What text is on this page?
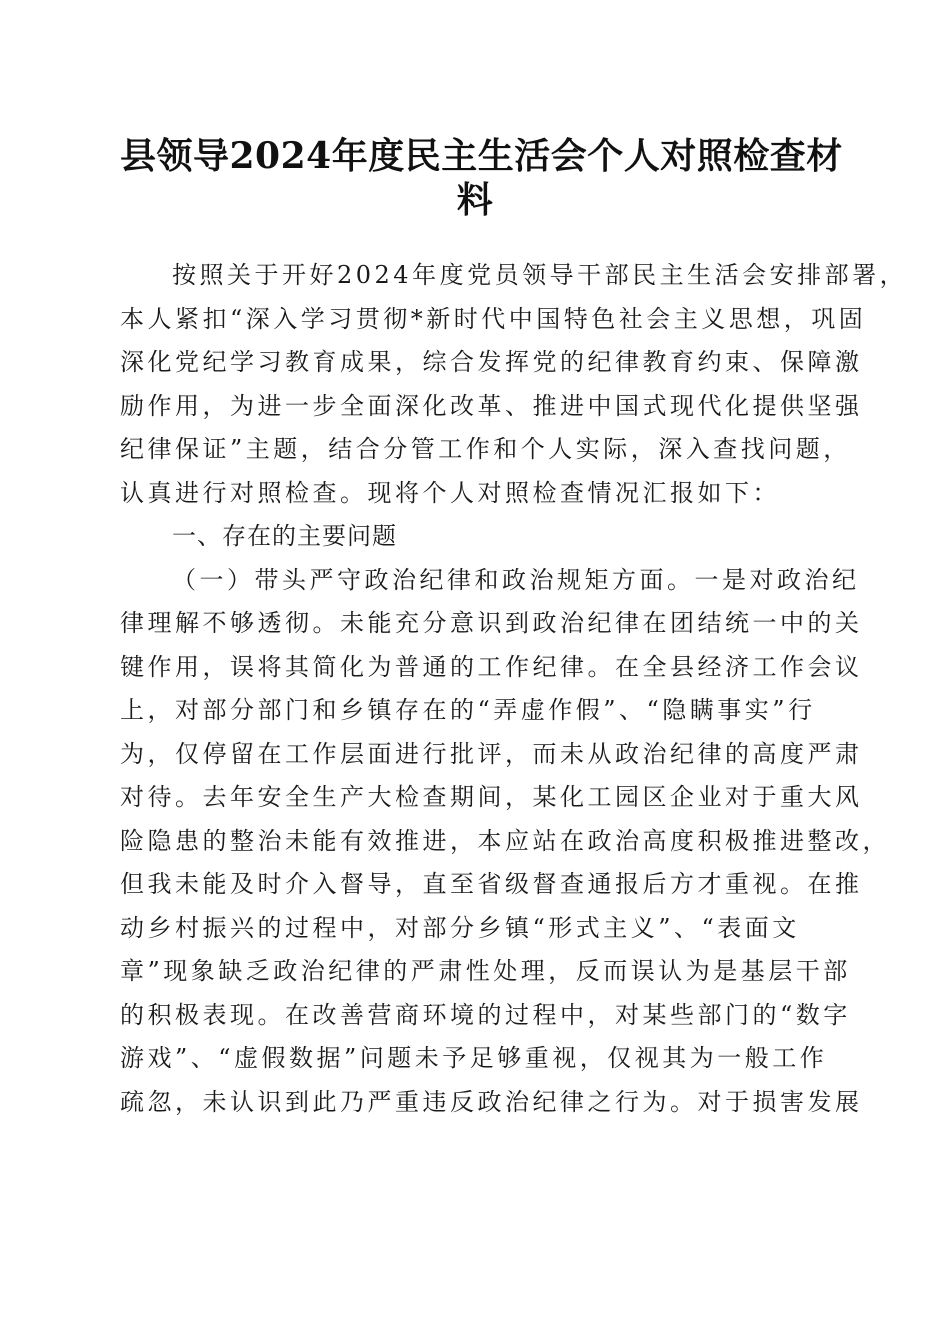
县领导2024年度民主生活会个人对照检查材
料
按照关于开好2024年度党员领导干部民主生活会安排部署，
本人紧扣“深入学习贯彻*新时代中国特色社会主义思想，巩固
深化党纪学习教育成果，综合发挥党的纪律教育约束、保障激
励作用，为进一步全面深化改革、推进中国式现代化提供坚强
纪律保证”主题，结合分管工作和个人实际，深入查找问题，
认真进行对照检查。现将个人对照检查情况汇报如下：
一、存在的主要问题
（一）带头严守政治纪律和政治规矩方面。一是对政治纪
律理解不够透彻。未能充分意识到政治纪律在团结统一中的关
键作用，误将其简化为普通的工作纪律。在全县经济工作会议
上，对部分部门和乡镇存在的“弄虚作假”、“隐瞒事实”行
为，仅停留在工作层面进行批评，而未从政治纪律的高度严肃
对待。去年安全生产大检查期间，某化工园区企业对于重大风
险隐患的整治未能有效推进，本应站在政治高度积极推进整改，
但我未能及时介入督导，直至省级督查通报后方才重视。在推
动乡村振兴的过程中，对部分乡镇“形式主义”、“表面文
章”现象缺乏政治纪律的严肃性处理，反而误认为是基层干部
的积极表现。在改善营商环境的过程中，对某些部门的“数字
游戏”、“虚假数据”问题未予足够重视，仅视其为一般工作
疏忽，未认识到此乃严重违反政治纪律之行为。对于损害发展
